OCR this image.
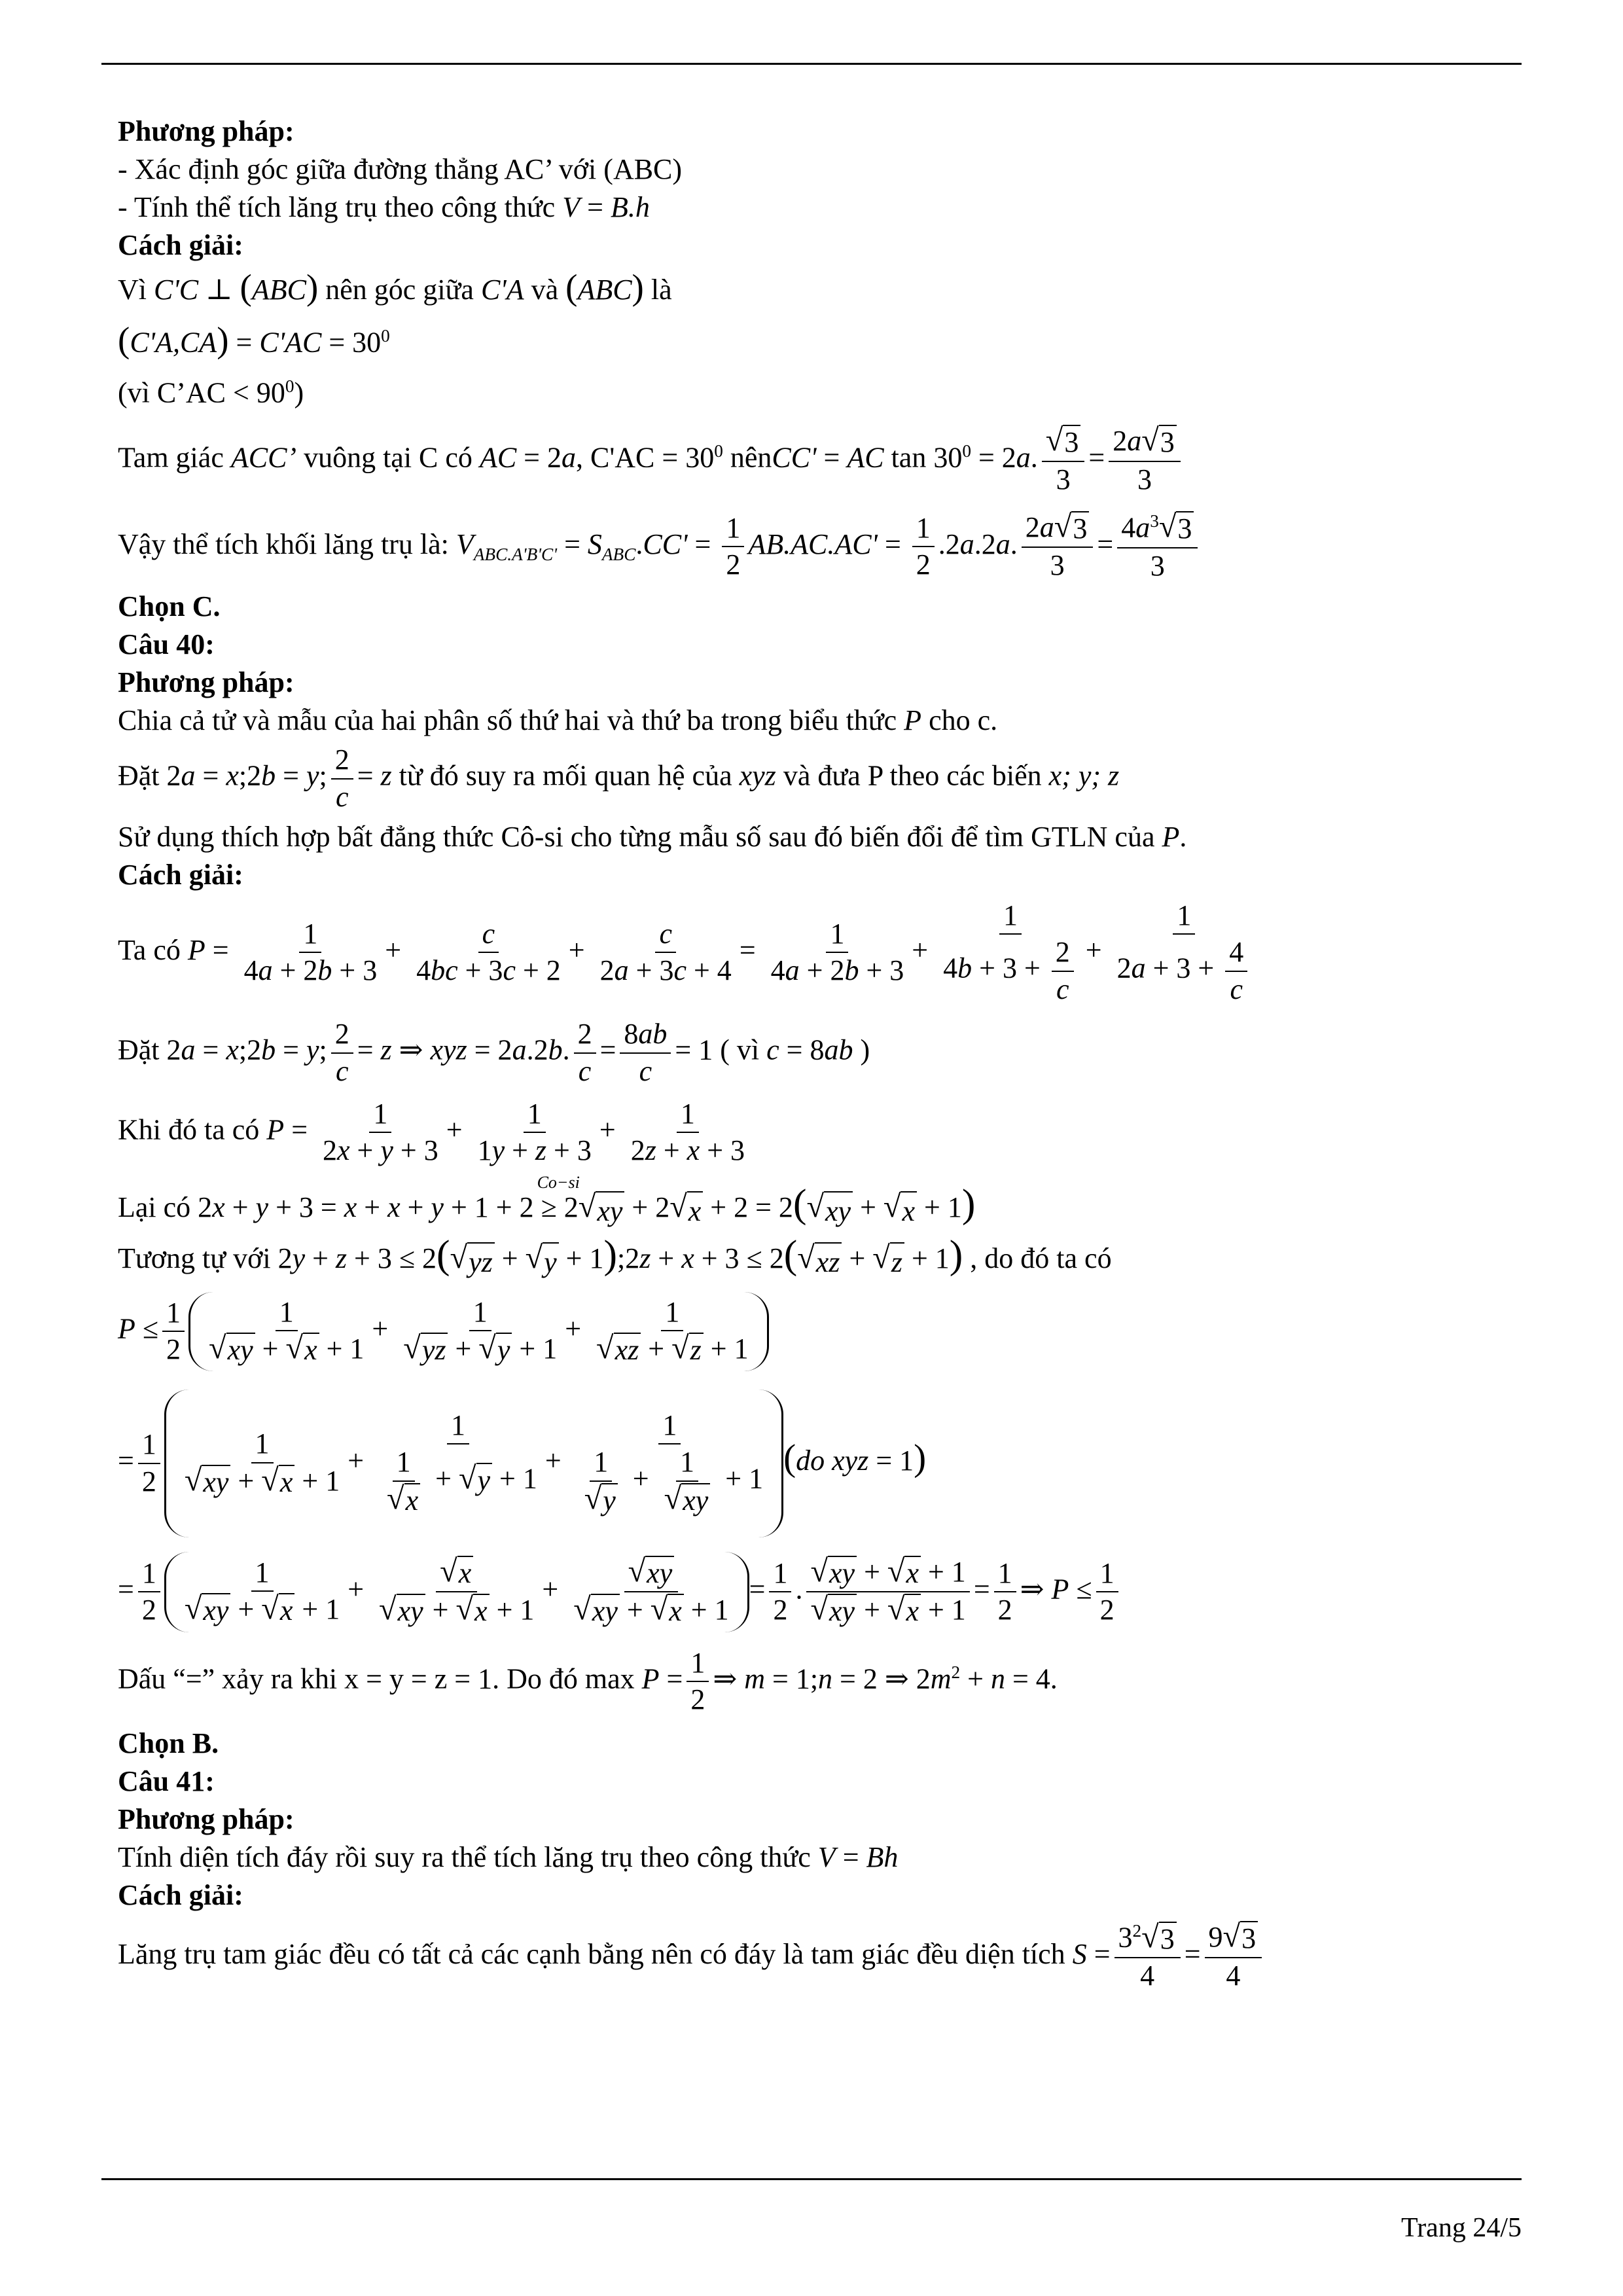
Phương pháp:
- Xác định góc giữa đường thẳng AC’ với (ABC)
- Tính thể tích lăng trụ theo công thức V = B.h
Cách giải:
Vì C'C ⊥ (ABC) nên góc giữa C'A và (ABC) là
$(C'A,CA) = C'AC = 30^0$
(vì C’AC < $90^0$)
Tam giác ACC’ vuông tại C có AC = 2a, $C'AC = 30^0$ nênCC' = AC $\tan 30^0 = 2a$. $\frac{√ 3}{3} = \frac{2a √ 3}{3}$
Vậy thể tích khối lăng trụ là: $V_{ABC.A'B'C'} = S_{ABC}.CC' = \frac{1}{2} AB.AC.AC' = \frac{1}{2} .2a.2a$. $\frac{2a √ 3}{3} = \frac{4a^3 √ 3}{3}$
Chọn C.
Câu 40:
Phương pháp:
Chia cả tử và mẫu của hai phân số thứ hai và thứ ba trong biểu thức P cho c.
Đặt 2a = x;2b = y; $\frac{2}{c} = z$ từ đó suy ra mối quan hệ của xyz và đưa P theo các biến x; y; z
Sử dụng thích hợp bất đẳng thức Cô-si cho từng mẫu số sau đó biến đổi để tìm GTLN của P.
Cách giải:
Ta có $P = \frac{1}{4a + 2b + 3} + \frac{c}{4bc + 3c + 2} + \frac{c}{2a + 3c + 4} = \frac{1}{4a + 2b + 3} + \frac{1}{4b + 3 + \frac{2}{c}} + \frac{1}{2a + 3 + \frac{4}{c}}$
Đặt 2a = x;2b = y; $\frac{2}{c} = z$ ⇒ xyz = 2a.2b. $\frac{2}{c} = \frac{8ab}{c} = 1$ ( vì c = 8ab )
Khi đó ta có $P = \frac{1}{2x + y + 3} + \frac{1}{1y + z + 3} + \frac{1}{2z + x + 3}$
Lại có 2x + y + 3 = x + x + y + 1 + 2 ≥
Co−si
2 √ xy + 2 √ x + 2 = 2( √ xy + √ x + 1)
Tương tự với 2y + z + 3 ≤ 2( √ yz + √ y + 1);2z + x + 3 ≤ 2( √ xz + √ z + 1) , do đó ta có
$P \le \frac{1}{2} \frac{1}{√ xy + √ x + 1} + \frac{1}{√ yz + √ y + 1} + \frac{1}{√ xz + √ z + 1}$
= $\frac{1}{2} \frac{1}{√ xy + √ x + 1} + \frac{1}{\frac{1}{√ x} + √ y + 1} + \frac{1}{\frac{1}{√ y} + \frac{1}{√ xy} + 1} (do$ xyz = 1)
= $\frac{1}{2} \frac{1}{√ xy + √ x + 1} + \frac{√ x}{√ xy + √ x + 1} + \frac{√ xy}{√ xy + √ x + 1} = \frac{1}{2}$ . $\frac{√ xy + √ x + 1}{√ xy + √ x + 1} = \frac{1}{2}$ ⇒ $P \le \frac{1}{2}$
Dấu “=” xảy ra khi x = y = z = 1. Do đó $\max P = \frac{1}{2}$ ⇒ m = 1;n = 2 ⇒ $2m^2 + n = 4$.
Chọn B.
Câu 41:
Phương pháp:
Tính diện tích đáy rồi suy ra thể tích lăng trụ theo công thức V = Bh
Cách giải:
Lăng trụ tam giác đều có tất cả các cạnh bằng nên có đáy là tam giác đều diện tích $S = \frac{3^2 √ 3}{4} = \frac{9 √ 3}{4}$
Trang 24/5
